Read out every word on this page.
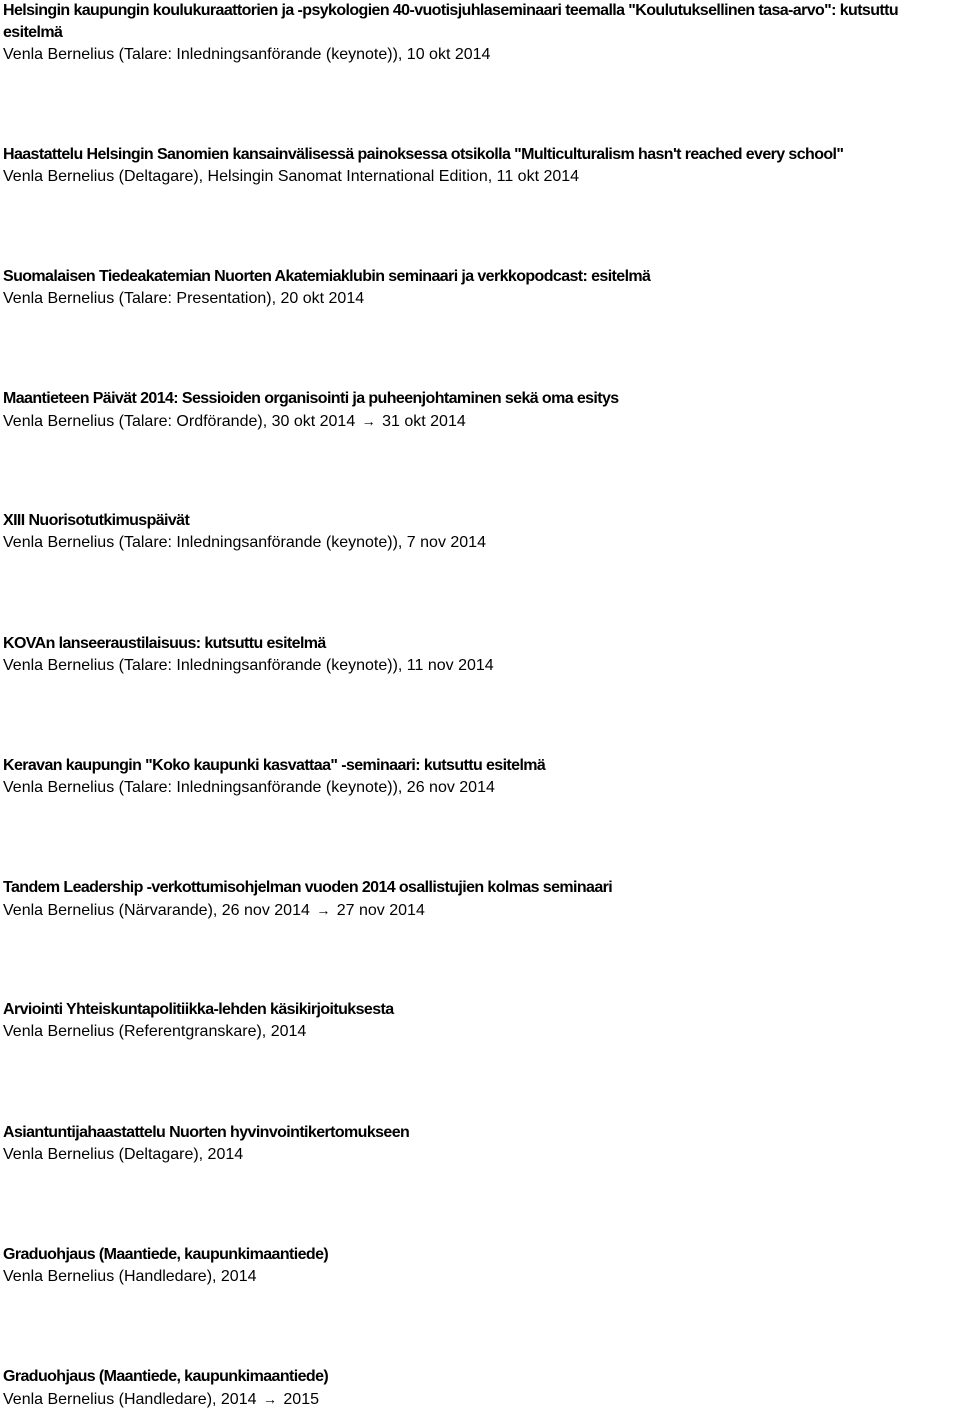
Helsingin kaupungin koulukuraattorien ja -psykologien 40-vuotisjuhlaseminaari teemalla "Koulutuksellinen tasa-arvo": kutsuttu esitelmä
Venla Bernelius (Talare: Inledningsanförande (keynote)), 10 okt 2014
Haastattelu Helsingin Sanomien kansainvälisessä painoksessa otsikolla "Multiculturalism hasn't reached every school"
Venla Bernelius (Deltagare), Helsingin Sanomat International Edition, 11 okt 2014
Suomalaisen Tiedeakatemian Nuorten Akatemiaklubin seminaari ja verkkopodcast: esitelmä
Venla Bernelius (Talare: Presentation), 20 okt 2014
Maantieteen Päivät 2014: Sessioiden organisointi ja puheenjohtaminen sekä oma esitys
Venla Bernelius (Talare: Ordförande), 30 okt 2014 → 31 okt 2014
XIII Nuorisotutkimuspäivät
Venla Bernelius (Talare: Inledningsanförande (keynote)), 7 nov 2014
KOVAn lanseeraustilaisuus: kutsuttu esitelmä
Venla Bernelius (Talare: Inledningsanförande (keynote)), 11 nov 2014
Keravan kaupungin "Koko kaupunki kasvattaa" -seminaari: kutsuttu esitelmä
Venla Bernelius (Talare: Inledningsanförande (keynote)), 26 nov 2014
Tandem Leadership -verkottumisohjelman vuoden 2014 osallistujien kolmas seminaari
Venla Bernelius (Närvarande), 26 nov 2014 → 27 nov 2014
Arviointi Yhteiskuntapolitiikka-lehden käsikirjoituksesta
Venla Bernelius (Referentgranskare), 2014
Asiantuntijahaastattelu Nuorten hyvinvointikertomukseen
Venla Bernelius (Deltagare), 2014
Graduohjaus (Maantiede, kaupunkimaantiede)
Venla Bernelius (Handledare), 2014
Graduohjaus (Maantiede, kaupunkimaantiede)
Venla Bernelius (Handledare), 2014 → 2015
